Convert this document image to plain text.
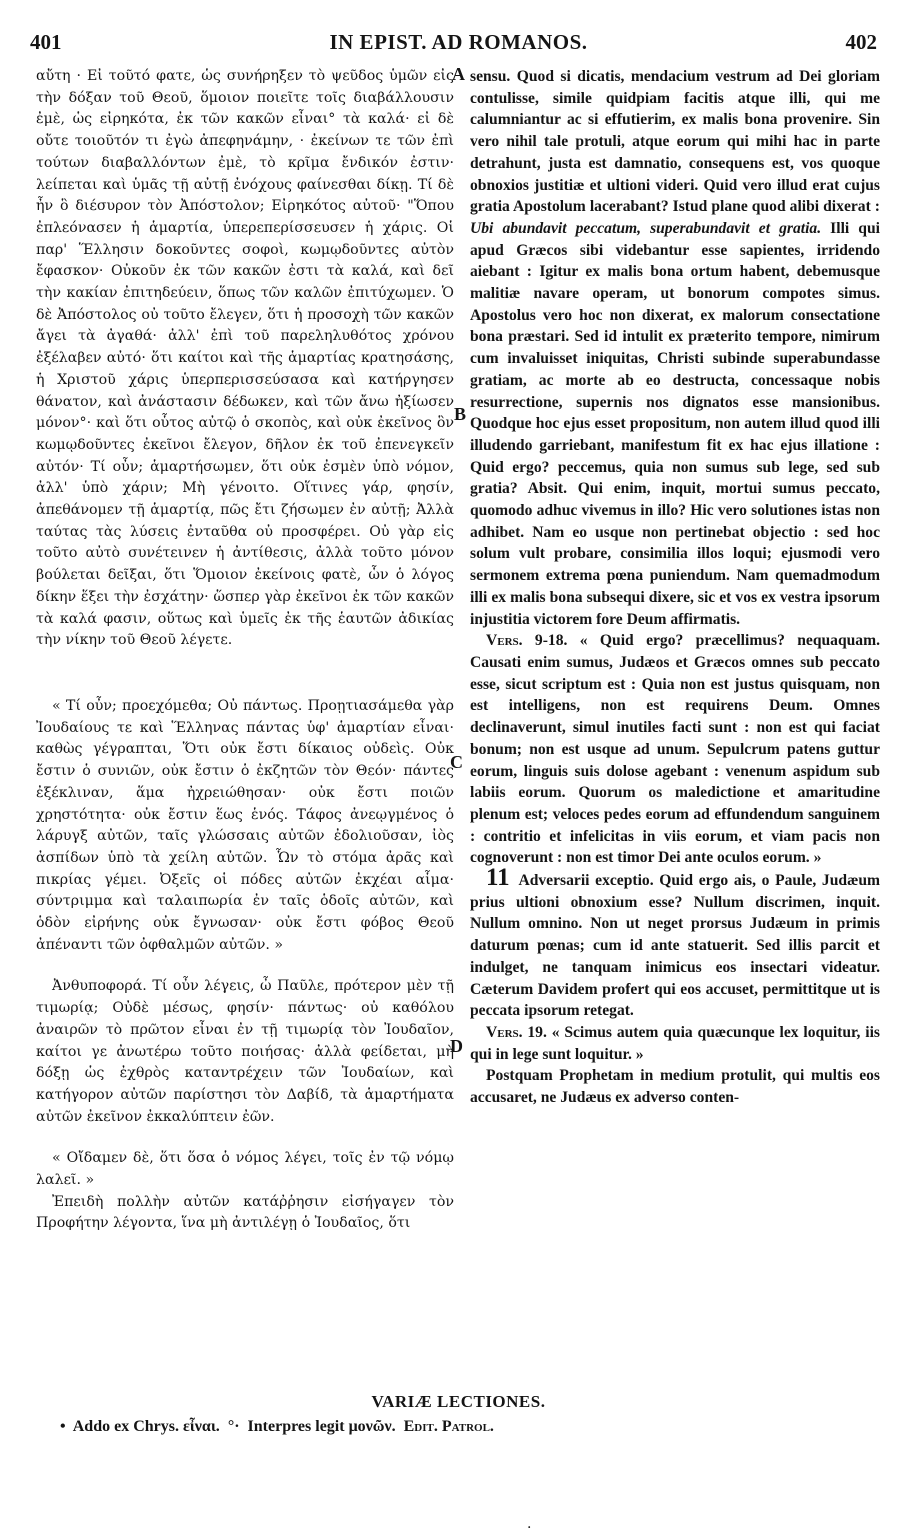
401	IN EPIST. AD ROMANOS.	402
A
B
C
D

αὔτη · Εἰ τοῦτό φατε, ὡς συνήρηξεν τὸ ψεῦδος ὑμῶν εἰς τὴν δόξαν τοῦ Θεοῦ, ὅμοιον ποιεῖτε τοῖς διαβάλλουσιν ἐμὲ, ὡς εἰρηκότα, ἐκ τῶν κακῶν εἶναι° τὰ καλά· εἰ δὲ οὔτε τοιοῦτόν τι ἐγὼ ἀπεφηνάμην, · ἐκείνων τε τῶν ἐπὶ τούτων διαβαλλόντων ἐμὲ, τὸ κρῖμα ἔνδικόν ἐστιν· λείπεται καὶ ὑμᾶς τῇ αὐτῇ ἐνόχους φαίνεσθαι δίκῃ. Τί δὲ ἦν ὃ διέσυρον τὸν Ἀπόστολον; Εἰρηκότος αὐτοῦ· "Ὅπου ἐπλεόνασεν ἡ ἁμαρτία, ὑπερεπερίσσευσεν ἡ χάρις. Οἱ παρ' Ἕλλησιν δοκοῦντες σοφοὶ, κωμῳδοῦντες αὐτὸν ἔφασκον· Οὐκοῦν ἐκ τῶν κακῶν ἐστι τὰ καλά, καὶ δεῖ τὴν κακίαν ἐπιτηδεύειν, ὅπως τῶν καλῶν ἐπιτύχωμεν. Ὁ δὲ Ἀπόστολος οὐ τοῦτο ἔλεγεν, ὅτι ἡ προσοχὴ τῶν κακῶν ἄγει τὰ ἀγαθά· ἀλλ' ἐπὶ τοῦ παρεληλυθότος χρόνου ἐξέλαβεν αὐτό· ὅτι καίτοι καὶ τῆς ἁμαρτίας κρατησάσης, ἡ Χριστοῦ χάρις ὑπερπερισσεύσασα καὶ κατήργησεν θάνατον, καὶ ἀνάστασιν δέδωκεν, καὶ τῶν ἄνω ἠξίωσεν μόνον°· καὶ ὅτι οὗτος αὐτῷ ὁ σκοπὸς, καὶ οὐκ ἐκεῖνος ὃν κωμῳδοῦντες ἐκεῖνοι ἔλεγον, δῆλον ἐκ τοῦ ἐπενεγκεῖν αὐτόν· Τί οὖν; ἁμαρτήσωμεν, ὅτι οὐκ ἐσμὲν ὑπὸ νόμον, ἀλλ' ὑπὸ χάριν; Μὴ γένοιτο. Οἵτινες γάρ, φησίν, ἀπεθάνομεν τῇ ἁμαρτίᾳ, πῶς ἔτι ζήσωμεν ἐν αὐτῇ; Ἀλλὰ ταύτας τὰς λύσεις ἐνταῦθα οὐ προσφέρει. Οὐ γὰρ εἰς τοῦτο αὐτὸ συνέτεινεν ἡ ἀντίθεσις, ἀλλὰ τοῦτο μόνον βούλεται δεῖξαι, ὅτι Ὅμοιον ἐκείνοις φατὲ, ὧν ὁ λόγος δίκην ἕξει τὴν ἐσχάτην· ὥσπερ γὰρ ἐκεῖνοι ἐκ τῶν κακῶν τὰ καλά φασιν, οὕτως καὶ ὑμεῖς ἐκ τῆς ἑαυτῶν ἀδικίας τὴν νίκην τοῦ Θεοῦ λέγετε.

« Τί οὖν; προεχόμεθα; Οὐ πάντως. Προῃτιασάμεθα γὰρ Ἰουδαίους τε καὶ Ἕλληνας πάντας ὑφ' ἁμαρτίαν εἶναι· καθὼς γέγραπται, Ὅτι οὐκ ἔστι δίκαιος οὐδεὶς. Οὐκ ἔστιν ὁ συνιῶν, οὐκ ἔστιν ὁ ἐκζητῶν τὸν Θεόν· πάντες ἐξέκλιναν, ἅμα ἠχρειώθησαν· οὐκ ἔστι ποιῶν χρηστότητα· οὐκ ἔστιν ἕως ἑνός. Τάφος ἀνεῳγμένος ὁ λάρυγξ αὐτῶν, ταῖς γλώσσαις αὐτῶν ἐδολιοῦσαν, ἰὸς ἀσπίδων ὑπὸ τὰ χείλη αὐτῶν. Ὧν τὸ στόμα ἀρᾶς καὶ πικρίας γέμει. Ὀξεῖς οἱ πόδες αὐτῶν ἐκχέαι αἷμα· σύντριμμα καὶ ταλαιπωρία ἐν ταῖς ὁδοῖς αὐτῶν, καὶ ὁδὸν εἰρήνης οὐκ ἔγνωσαν· οὐκ ἔστι φόβος Θεοῦ ἀπέναντι τῶν ὀφθαλμῶν αὐτῶν. »

Ἀνθυποφορά. Τί οὖν λέγεις, ὦ Παῦλε, πρότερον μὲν τῇ τιμωρίᾳ; Οὐδὲ μέσως, φησίν· πάντως· οὐ καθόλου ἀναιρῶν τὸ πρῶτον εἶναι ἐν τῇ τιμωρίᾳ τὸν Ἰουδαῖον, καίτοι γε ἀνωτέρω τοῦτο ποιήσας· ἀλλὰ φείδεται, μὴ δόξῃ ὡς ἐχθρὸς καταντρέχειν τῶν Ἰουδαίων, καὶ κατήγορον αὐτῶν παρίστησι τὸν Δαβίδ, τὰ ἁμαρτήματα αὐτῶν ἐκεῖνον ἐκκαλύπτειν ἐῶν.

« Οἴδαμεν δὲ, ὅτι ὅσα ὁ νόμος λέγει, τοῖς ἐν τῷ νόμῳ λαλεῖ. »

Ἐπειδὴ πολλὴν αὐτῶν κατάῤῥησιν εἰσήγαγεν τὸν Προφήτην λέγοντα, ἵνα μὴ ἀντιλέγῃ ὁ Ἰουδαῖος, ὅτι

sensu. Quod si dicatis, mendacium vestrum ad Dei gloriam contulisse, simile quidpiam facitis atque illi, qui me calumniantur ac si effutierim, ex malis bona provenire. Sin vero nihil tale protuli, atque eorum qui mihi hac in parte detrahunt, justa est damnatio, consequens est, vos quoque obnoxios justitiæ et ultioni videri. Quid vero illud erat cujus gratia Apostolum lacerabant? Istud plane quod alibi dixerat : Ubi abundavit peccatum, superabundavit et gratia. Illi qui apud Græcos sibi videbantur esse sapientes, irridendo aiebant : Igitur ex malis bona ortum habent, debemusque malitiæ navare operam, ut bonorum compotes simus. Apostolus vero hoc non dixerat, ex malorum consectatione bona præstari. Sed id intulit ex præterito tempore, nimirum cum invaluisset iniquitas, Christi subinde superabundasse gratiam, ac morte ab eo destructa, concessaque nobis resurrectione, supernis nos dignatos esse mansionibus. Quodque hoc ejus esset propositum, non autem illud quod illi illudendo garriebant, manifestum fit ex hac ejus illatione : Quid ergo? peccemus, quia non sumus sub lege, sed sub gratia? Absit. Qui enim, inquit, mortui sumus peccato, quomodo adhuc vivemus in illo? Hic vero solutiones istas non adhibet. Nam eo usque non pertinebat objectio : sed hoc solum vult probare, consimilia illos loqui; ejusmodi vero sermonem extrema pœna puniendum. Nam quemadmodum illi ex malis bona subsequi dixere, sic et vos ex vestra ipsorum injustitia victorem fore Deum affirmatis.

Vers. 9-18. « Quid ergo? præcellimus? nequaquam. Causati enim sumus, Judæos et Græcos omnes sub peccato esse, sicut scriptum est : Quia non est justus quisquam, non est intelligens, non est requirens Deum. Omnes declinaverunt, simul inutiles facti sunt : non est qui faciat bonum; non est usque ad unum. Sepulcrum patens guttur eorum, linguis suis dolose agebant : venenum aspidum sub labiis eorum. Quorum os maledictione et amaritudine plenum est; veloces pedes eorum ad effundendum sanguinem : contritio et infelicitas in viis eorum, et viam pacis non cognoverunt : non est timor Dei ante oculos eorum. »

11 Adversarii exceptio. Quid ergo ais, o Paule, Judæum prius ultioni obnoxium esse? Nullum discrimen, inquit. Nullum omnino. Non ut neget prorsus Judæum in primis daturum pœnas; cum id ante statuerit. Sed illis parcit et indulget, ne tanquam inimicus eos insectari videatur. Cæterum Davidem profert qui eos accuset, permittitque ut is peccata ipsorum retegat.

Vers. 19. « Scimus autem quia quæcunque lex loquitur, iis qui in lege sunt loquitur. »

Postquam Prophetam in medium protulit, qui multis eos accusaret, ne Judæus ex adverso conten-

VARIÆ LECTIONES.
• Addo ex Chrys. εἶναι. °· Interpres legit μονῶν. Edit. Patrol.
·
